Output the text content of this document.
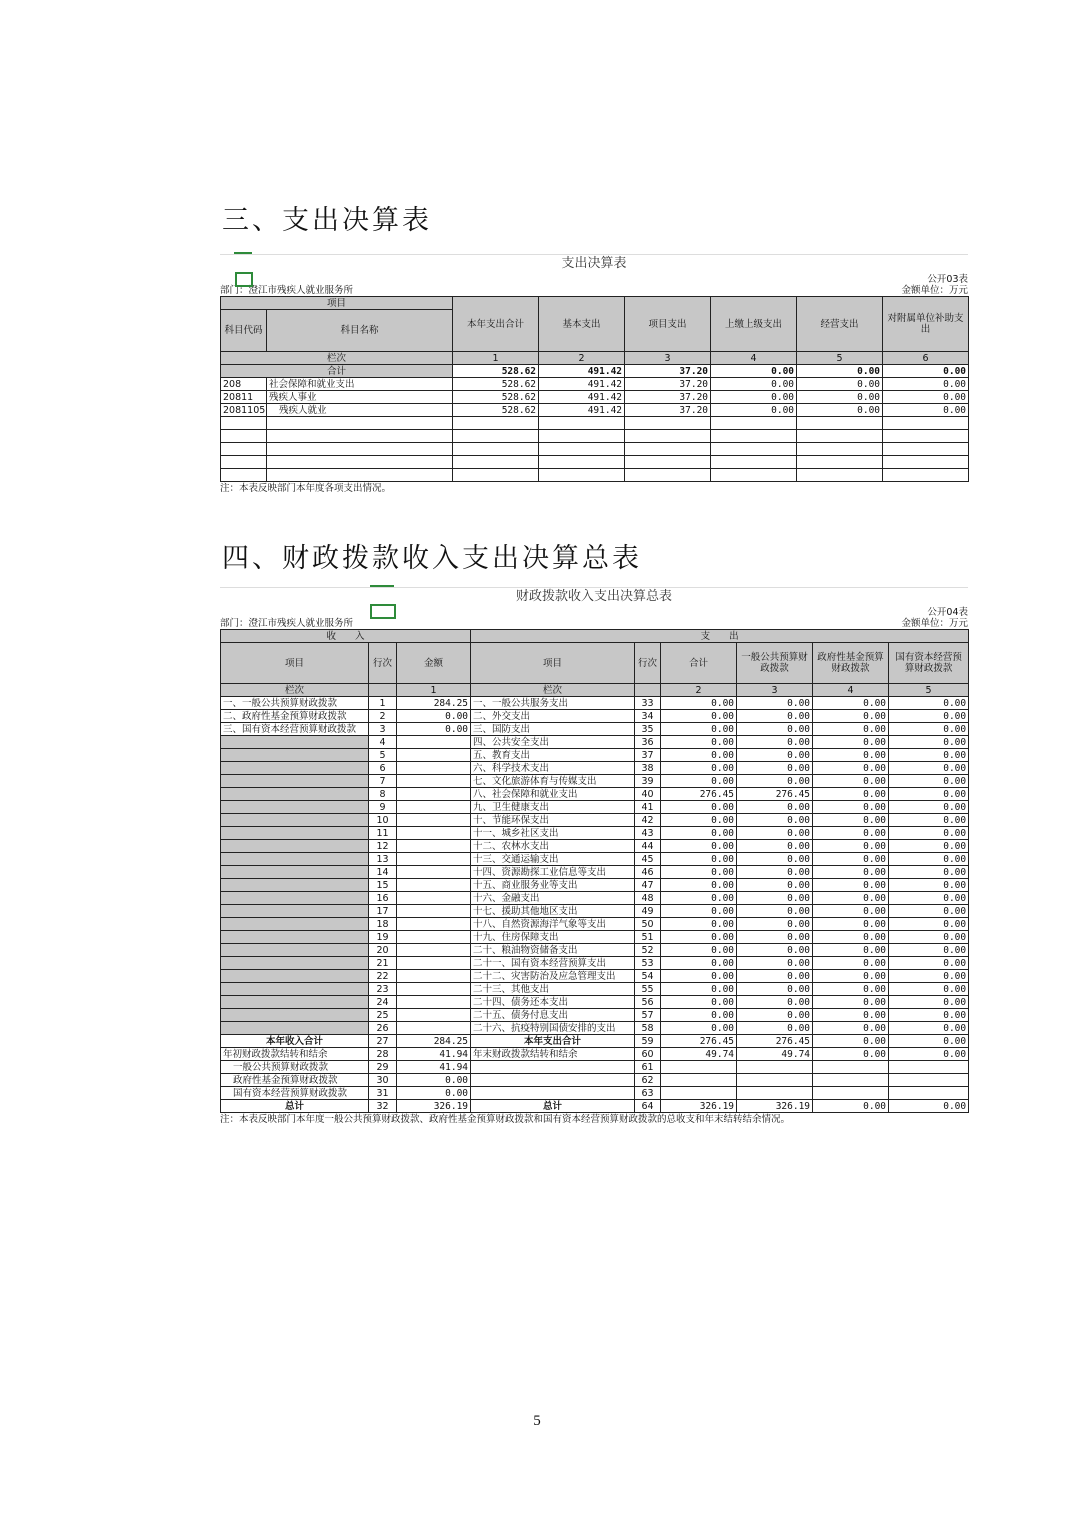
三、支出决算表
支出决算表
公开03表
部门：澄江市残疾人就业服务所	金额单位：万元
项目		本年支出合计	基本支出	项目支出	上缴上级支出	经营支出	对附属单位补助支出
科目代码	科目名称						
栏次		1	2	3	4	5	6
合计		528.62	491.42	37.20	0.00	0.00	0.00
208	社会保障和就业支出	528.62	491.42	37.20	0.00	0.00	0.00
20811	残疾人事业	528.62	491.42	37.20	0.00	0.00	0.00
2081105	残疾人就业	528.62	491.42	37.20	0.00	0.00	0.00

注：本表反映部门本年度各项支出情况。
四、财政拨款收入支出决算总表
财政拨款收入支出决算总表
公开04表
部门：澄江市残疾人就业服务所	金额单位：万元
收　　入			支　　出					
项目	行次	金额	项目	行次	合计	一般公共预算财政拨款	政府性基金预算财政拨款	国有资本经营预算财政拨款
栏次		1	栏次		2	3	4	5
一、一般公共预算财政拨款	1	284.25	一、一般公共服务支出	33	0.00	0.00	0.00	0.00
二、政府性基金预算财政拨款	2	0.00	二、外交支出	34	0.00	0.00	0.00	0.00
三、国有资本经营预算财政拨款	3	0.00	三、国防支出	35	0.00	0.00	0.00	0.00
	4		四、公共安全支出	36	0.00	0.00	0.00	0.00
	5		五、教育支出	37	0.00	0.00	0.00	0.00
	6		六、科学技术支出	38	0.00	0.00	0.00	0.00
	7		七、文化旅游体育与传媒支出	39	0.00	0.00	0.00	0.00
	8		八、社会保障和就业支出	40	276.45	276.45	0.00	0.00
	9		九、卫生健康支出	41	0.00	0.00	0.00	0.00
	10		十、节能环保支出	42	0.00	0.00	0.00	0.00
	11		十一、城乡社区支出	43	0.00	0.00	0.00	0.00
	12		十二、农林水支出	44	0.00	0.00	0.00	0.00
	13		十三、交通运输支出	45	0.00	0.00	0.00	0.00
	14		十四、资源勘探工业信息等支出	46	0.00	0.00	0.00	0.00
	15		十五、商业服务业等支出	47	0.00	0.00	0.00	0.00
	16		十六、金融支出	48	0.00	0.00	0.00	0.00
	17		十七、援助其他地区支出	49	0.00	0.00	0.00	0.00
	18		十八、自然资源海洋气象等支出	50	0.00	0.00	0.00	0.00
	19		十九、住房保障支出	51	0.00	0.00	0.00	0.00
	20		二十、粮油物资储备支出	52	0.00	0.00	0.00	0.00
	21		二十一、国有资本经营预算支出	53	0.00	0.00	0.00	0.00
	22		二十二、灾害防治及应急管理支出	54	0.00	0.00	0.00	0.00
	23		二十三、其他支出	55	0.00	0.00	0.00	0.00
	24		二十四、债务还本支出	56	0.00	0.00	0.00	0.00
	25		二十五、债务付息支出	57	0.00	0.00	0.00	0.00
	26		二十六、抗疫特别国债安排的支出	58	0.00	0.00	0.00	0.00
本年收入合计	27	284.25	本年支出合计	59	276.45	276.45	0.00	0.00
年初财政拨款结转和结余	28	41.94	年末财政拨款结转和结余	60	49.74	49.74	0.00	0.00
一般公共预算财政拨款	29	41.94		61				
政府性基金预算财政拨款	30	0.00		62				
国有资本经营预算财政拨款	31	0.00		63				
总计	32	326.19	总计	64	326.19	326.19	0.00	0.00
注：本表反映部门本年度一般公共预算财政拨款、政府性基金预算财政拨款和国有资本经营预算财政拨款的总收支和年末结转结余情况。
5
